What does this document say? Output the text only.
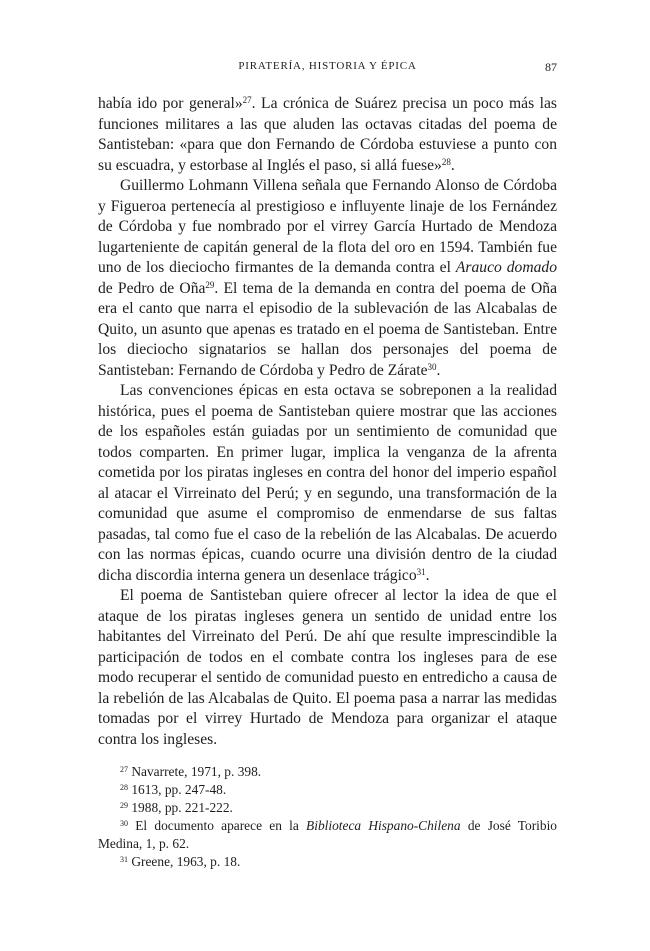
PIRATERÍA, HISTORIA Y ÉPICA	87

había ido por general»$^{27}$. La crónica de Suárez precisa un poco más las funciones militares a las que aluden las octavas citadas del poema de Santisteban: «para que don Fernando de Córdoba estuviese a punto con su escuadra, y estorbase al Inglés el paso, si allá fuese»$^{28}$.

Guillermo Lohmann Villena señala que Fernando Alonso de Córdoba y Figueroa pertenecía al prestigioso e influyente linaje de los Fernández de Córdoba y fue nombrado por el virrey García Hurtado de Mendoza lugarteniente de capitán general de la flota del oro en 1594. También fue uno de los dieciocho firmantes de la demanda contra el Arauco domado de Pedro de Oña$^{29}$. El tema de la demanda en contra del poema de Oña era el canto que narra el episodio de la sublevación de las Alcabalas de Quito, un asunto que apenas es tratado en el poema de Santisteban. Entre los dieciocho signatarios se hallan dos personajes del poema de Santisteban: Fernando de Córdoba y Pedro de Zárate$^{30}$.

Las convenciones épicas en esta octava se sobreponen a la realidad histórica, pues el poema de Santisteban quiere mostrar que las acciones de los españoles están guiadas por un sentimiento de comunidad que todos comparten. En primer lugar, implica la venganza de la afrenta cometida por los piratas ingleses en contra del honor del imperio español al atacar el Virreinato del Perú; y en segundo, una transformación de la comunidad que asume el compromiso de enmendarse de sus faltas pasadas, tal como fue el caso de la rebelión de las Alcabalas. De acuerdo con las normas épicas, cuando ocurre una división dentro de la ciudad dicha discordia interna genera un desenlace trágico$^{31}$.

El poema de Santisteban quiere ofrecer al lector la idea de que el ataque de los piratas ingleses genera un sentido de unidad entre los habitantes del Virreinato del Perú. De ahí que resulte imprescindible la participación de todos en el combate contra los ingleses para de ese modo recuperar el sentido de comunidad puesto en entredicho a causa de la rebelión de las Alcabalas de Quito. El poema pasa a narrar las medidas tomadas por el virrey Hurtado de Mendoza para organizar el ataque contra los ingleses.

$^{27}$ Navarrete, 1971, p. 398.

$^{28}$ 1613, pp. 247-48.

$^{29}$ 1988, pp. 221-222.

$^{30}$ El documento aparece en la Biblioteca Hispano-Chilena de José Toribio Medina, 1, p. 62.

$^{31}$ Greene, 1963, p. 18.
